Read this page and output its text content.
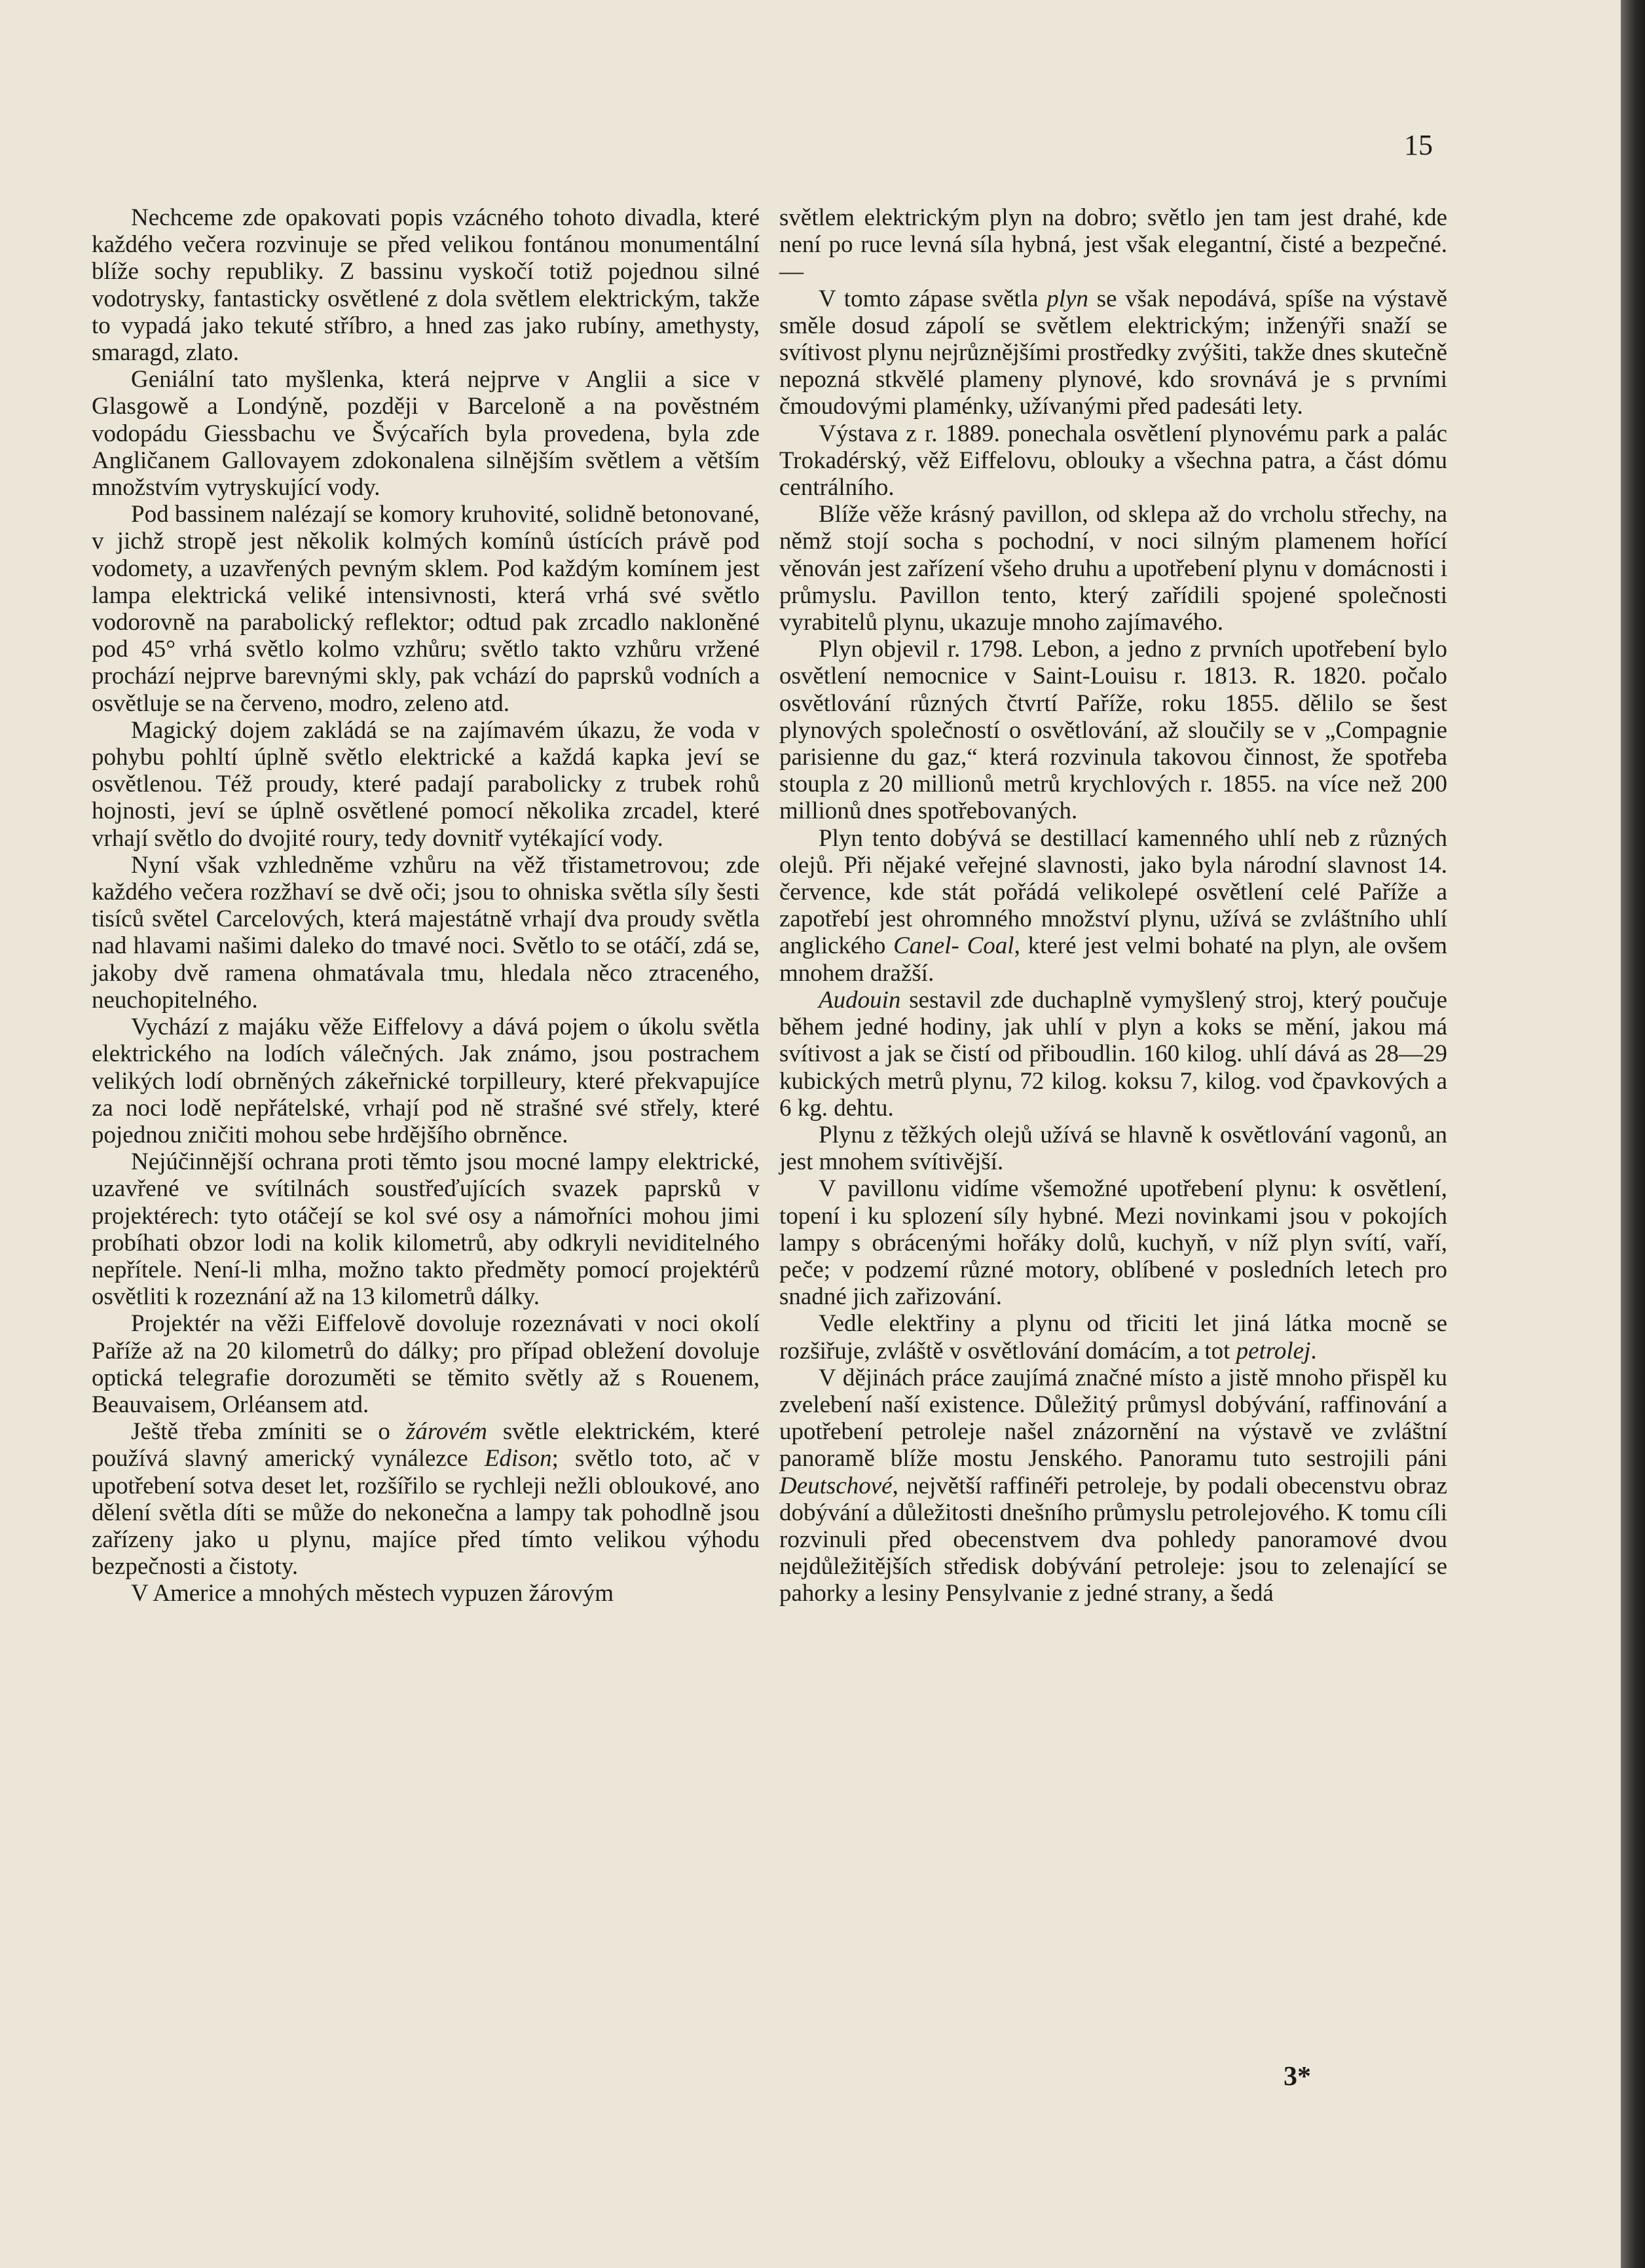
15

Nechceme zde opakovati popis vzácného tohoto divadla, které každého večera rozvinuje se před velikou fontánou monumentální blíže sochy republiky. Z bassinu vyskočí totiž pojednou silné vodotrysky, fantasticky osvětlené z dola světlem elektrickým, takže to vypadá jako tekuté stříbro, a hned zas jako rubíny, amethysty, smaragd, zlato.

Geniální tato myšlenka, která nejprve v Anglii a sice v Glasgowě a Londýně, později v Barceloně a na pověstném vodopádu Giessbachu ve Švýcařích byla provedena, byla zde Angličanem Gallovayem zdokonalena silnějším světlem a větším množstvím vytryskující vody.

Pod bassinem nalézají se komory kruhovité, solidně betonované, v jichž stropě jest několik kolmých komínů ústících právě pod vodomety, a uzavřených pevným sklem. Pod každým komínem jest lampa elektrická veliké intensivnosti, která vrhá své světlo vodorovně na parabolický reflektor; odtud pak zrcadlo nakloněné pod 45° vrhá světlo kolmo vzhůru; světlo takto vzhůru vržené prochází nejprve barevnými skly, pak vchází do paprsků vodních a osvětluje se na červeno, modro, zeleno atd.

Magický dojem zakládá se na zajímavém úkazu, že voda v pohybu pohltí úplně světlo elektrické a každá kapka jeví se osvětlenou. Též proudy, které padají parabolicky z trubek rohů hojnosti, jeví se úplně osvětlené pomocí několika zrcadel, které vrhají světlo do dvojité roury, tedy dovnitř vytékající vody.

Nyní však vzhledněme vzhůru na věž třistametrovou; zde každého večera rozžhaví se dvě oči; jsou to ohniska světla síly šesti tisíců světel Carcelových, která majestátně vrhají dva proudy světla nad hlavami našimi daleko do tmavé noci. Světlo to se otáčí, zdá se, jakoby dvě ramena ohmatávala tmu, hledala něco ztraceného, neuchopitelného.

Vychází z majáku věže Eiffelovy a dává pojem o úkolu světla elektrického na lodích válečných. Jak známo, jsou postrachem velikých lodí obrněných zákeřnické torpilleury, které překvapujíce za noci lodě nepřátelské, vrhají pod ně strašné své střely, které pojednou zničiti mohou sebe hrdějšího obrněnce.

Nejúčinnější ochrana proti těmto jsou mocné lampy elektrické, uzavřené ve svítilnách soustřeďujících svazek paprsků v projektérech: tyto otáčejí se kol své osy a námořníci mohou jimi probíhati obzor lodi na kolik kilometrů, aby odkryli neviditelného nepřítele. Není-li mlha, možno takto předměty pomocí projektérů osvětliti k rozeznání až na 13 kilometrů dálky.

Projektér na věži Eiffelově dovoluje rozeznávati v noci okolí Paříže až na 20 kilometrů do dálky; pro případ obležení dovoluje optická telegrafie dorozuměti se těmito světly až s Rouenem, Beauvaisem, Orléansem atd.

Ještě třeba zmíniti se o žárovém světle elektrickém, které používá slavný americký vynálezce Edison; světlo toto, ač v upotřebení sotva deset let, rozšířilo se rychleji nežli obloukové, ano dělení světla díti se může do nekonečna a lampy tak pohodlně jsou zařízeny jako u plynu, majíce před tímto velikou výhodu bezpečnosti a čistoty.

V Americe a mnohých městech vypuzen žárovým

světlem elektrickým plyn na dobro; světlo jen tam jest drahé, kde není po ruce levná síla hybná, jest však elegantní, čisté a bezpečné. —

V tomto zápase světla plyn se však nepodává, spíše na výstavě směle dosud zápolí se světlem elektrickým; inženýři snaží se svítivost plynu nejrůznějšími prostředky zvýšiti, takže dnes skutečně nepozná stkvělé plameny plynové, kdo srovnává je s prvními čmoudovými plaménky, užívanými před padesáti lety.

Výstava z r. 1889. ponechala osvětlení plynovému park a palác Trokadérský, věž Eiffelovu, oblouky a všechna patra, a část dómu centrálního.

Blíže věže krásný pavillon, od sklepa až do vrcholu střechy, na němž stojí socha s pochodní, v noci silným plamenem hořící věnován jest zařízení všeho druhu a upotřebení plynu v domácnosti i průmyslu. Pavillon tento, který zařídili spojené společnosti vyrabitelů plynu, ukazuje mnoho zajímavého.

Plyn objevil r. 1798. Lebon, a jedno z prvních upotřebení bylo osvětlení nemocnice v Saint-Louisu r. 1813. R. 1820. počalo osvětlování různých čtvrtí Paříže, roku 1855. dělilo se šest plynových společností o osvětlování, až sloučily se v „Compagnie parisienne du gaz,“ která rozvinula takovou činnost, že spotřeba stoupla z 20 millionů metrů krychlových r. 1855. na více než 200 millionů dnes spotřebovaných.

Plyn tento dobývá se destillací kamenného uhlí neb z různých olejů. Při nějaké veřejné slavnosti, jako byla národní slavnost 14. července, kde stát pořádá velikolepé osvětlení celé Paříže a zapotřebí jest ohromného množství plynu, užívá se zvláštního uhlí anglického Canel- Coal, které jest velmi bohaté na plyn, ale ovšem mnohem dražší.

Audouin sestavil zde duchaplně vymyšlený stroj, který poučuje během jedné hodiny, jak uhlí v plyn a koks se mění, jakou má svítivost a jak se čistí od přiboudlin. 160 kilog. uhlí dává as 28—29 kubických metrů plynu, 72 kilog. koksu 7, kilog. vod čpavkových a 6 kg. dehtu.

Plynu z těžkých olejů užívá se hlavně k osvětlování vagonů, an jest mnohem svítivější.

V pavillonu vidíme všemožné upotřebení plynu: k osvětlení, topení i ku splození síly hybné. Mezi novinkami jsou v pokojích lampy s obrácenými hořáky dolů, kuchyň, v níž plyn svítí, vaří, peče; v podzemí různé motory, oblíbené v posledních letech pro snadné jich zařizování.

Vedle elektřiny a plynu od třiciti let jiná látka mocně se rozšiřuje, zvláště v osvětlování domácím, a tot petrolej.

V dějinách práce zaujímá značné místo a jistě mnoho přispěl ku zvelebení naší existence. Důležitý průmysl dobývání, raffinování a upotřebení petroleje našel znázornění na výstavě ve zvláštní panoramě blíže mostu Jenského. Panoramu tuto sestrojili páni Deutschové, největší raffinéři petroleje, by podali obecenstvu obraz dobývání a důležitosti dnešního průmyslu petrolejového. K tomu cíli rozvinuli před obecenstvem dva pohledy panoramové dvou nejdůležitějších středisk dobývání petroleje: jsou to zelenající se pahorky a lesiny Pensylvanie z jedné strany, a šedá

3*
